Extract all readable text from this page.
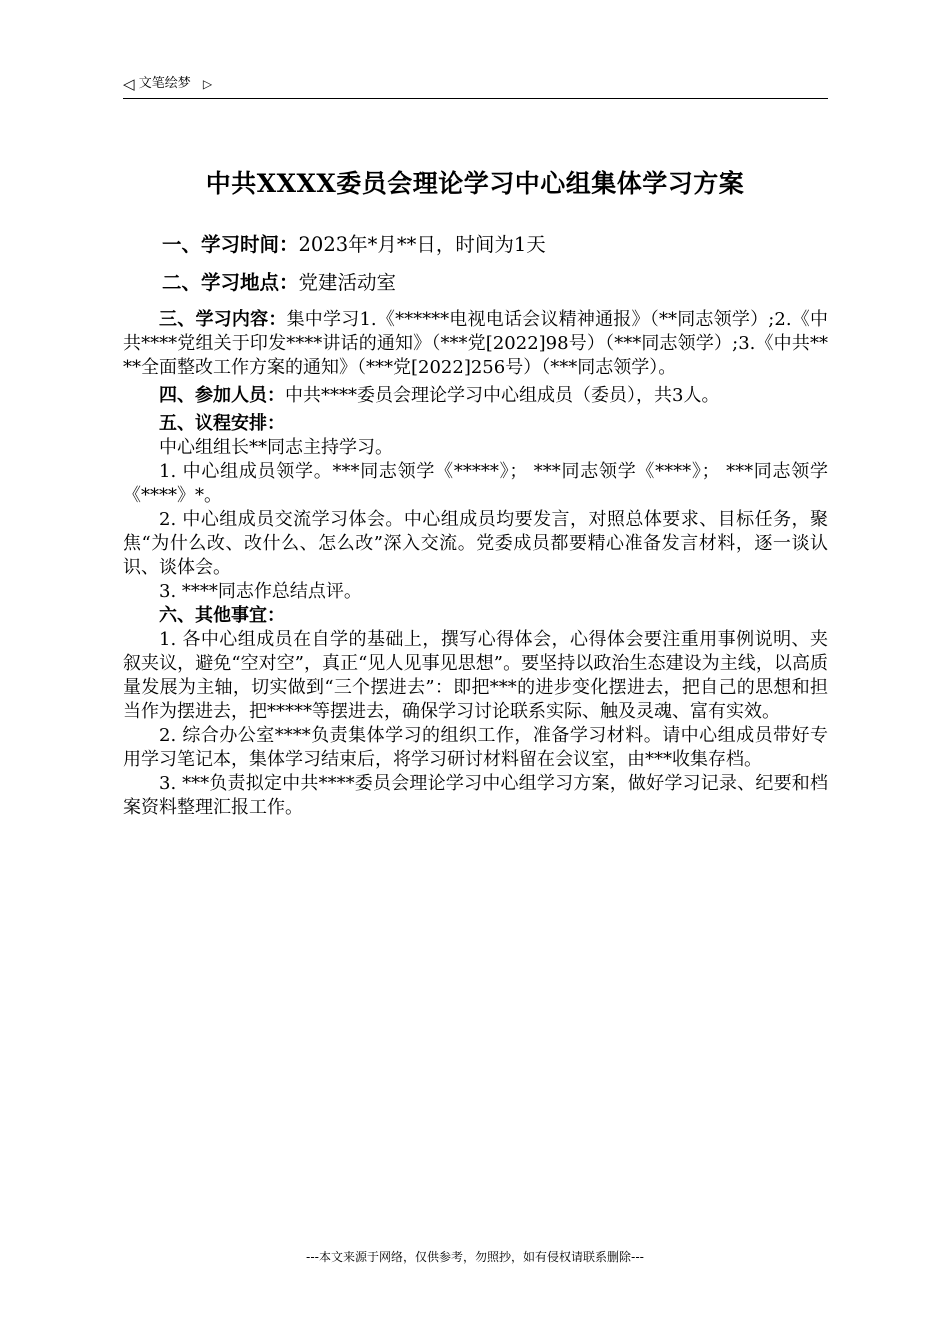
◁ 文笔绘梦 ▷
中共XXXX委员会理论学习中心组集体学习方案

一、学习时间：2023年*月**日，时间为1天

二、学习地点：党建活动室

三、学习内容：集中学习1.《******电视电话会议精神通报》（**同志领学）;2.《中共****党组关于印发****讲话的通知》（***党[2022]98号）（***同志领学）;3.《中共****全面整改工作方案的通知》（***党[2022]256号）（***同志领学）。

四、参加人员：中共****委员会理论学习中心组成员（委员），共3人。

五、议程安排：

中心组组长**同志主持学习。

1. 中心组成员领学。***同志领学《*****》； ***同志领学《****》； ***同志领学《****》*。

2. 中心组成员交流学习体会。中心组成员均要发言，对照总体要求、目标任务，聚焦“为什么改、改什么、怎么改”深入交流。党委成员都要精心准备发言材料，逐一谈认识、谈体会。

3. ****同志作总结点评。

六、其他事宜：

1. 各中心组成员在自学的基础上，撰写心得体会，心得体会要注重用事例说明、夹叙夹议，避免“空对空”，真正“见人见事见思想”。要坚持以政治生态建设为主线，以高质量发展为主轴，切实做到“三个摆进去”：即把***的进步变化摆进去，把自己的思想和担当作为摆进去，把*****等摆进去，确保学习讨论联系实际、触及灵魂、富有实效。

2. 综合办公室****负责集体学习的组织工作，准备学习材料。请中心组成员带好专用学习笔记本，集体学习结束后，将学习研讨材料留在会议室，由***收集存档。

3. ***负责拟定中共****委员会理论学习中心组学习方案，做好学习记录、纪要和档案资料整理汇报工作。

---本文来源于网络，仅供参考，勿照抄，如有侵权请联系删除---
